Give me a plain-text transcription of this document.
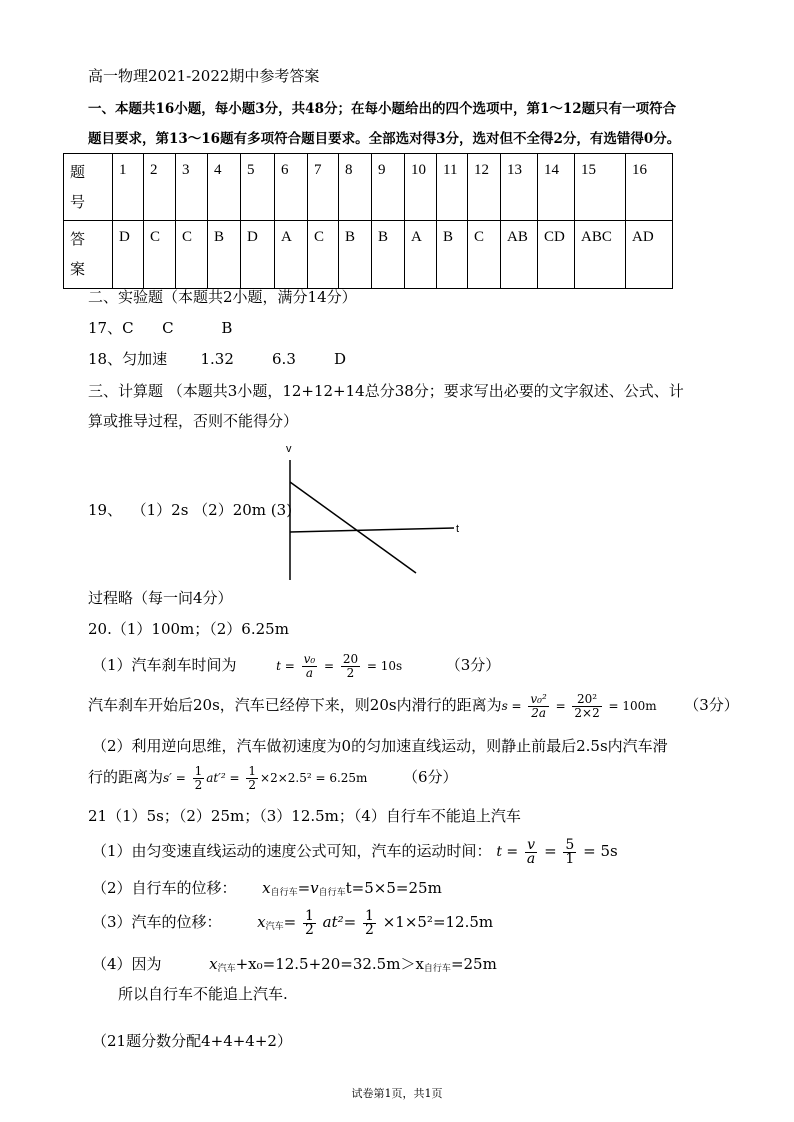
高一物理2021-2022期中参考答案
一、本题共16小题，每小题3分，共48分；在每小题给出的四个选项中，第1～12题只有一项符合
题目要求，第13～16题有多项符合题目要求。全部选对得3分，选对但不全得2分，有选错得0分。
题号	1	2	3	4	5	6	7	8	9	10	11	12	13	14	15	16

答案	D	C	C	B	D	A	C	B	B	A	B	C	AB	CD	ABC	AD
二、实验题（本题共2小题，满分14分）
17、C      C          B
18、匀加速       1.32        6.3        D
三、计算题 （本题共3小题，12+12+14总分38分；要求写出必要的文字叙述、公式、计
算或推导过程，否则不能得分）
v
t
19、  （1）2s （2）20m (3)
过程略（每一问4分）
20.（1）100m；（2）6.25m
（1）汽车刹车时间为	$t = \frac{\text{v₀}}{a} = \frac{20}{2} = 10s$	（3分）
汽车刹车开始后20s，汽车已经停下来，则20s内滑行的距离为$s = \frac{\text{v₀²}}{2a} = \frac{\text{20²}}{2\times 2} = 100m$ （3分）
（2）利用逆向思维，汽车做初速度为0的匀加速直线运动，则静止前最后2.5s内汽车滑
行的距离为$s' = \frac{1}{2} at'^2 = \frac{1}{2} \times 2\times 2.5^2 = 6.25m$ （6分）
21（1）5s；（2）25m；（3）12.5m；（4）自行车不能追上汽车
（1）由匀变速直线运动的速度公式可知，汽车的运动时间： $t = \frac{v}{a} = \frac{5}{1} = 5s$
（2）自行车的位移： $x_{自行车}=v_{自行车}t=5\times 5=25m$
（3）汽车的位移： $x_{汽车}= \frac{1}{2} at^2= \frac{1}{2} \times 1\times 5^2=12.5m$
（4）因为	$x_{汽车}+x_0=12.5+20=32.5m>x_{自行车}=25m$
所以自行车不能追上汽车.
（21题分数分配4+4+4+2）
试卷第1页，共1页
